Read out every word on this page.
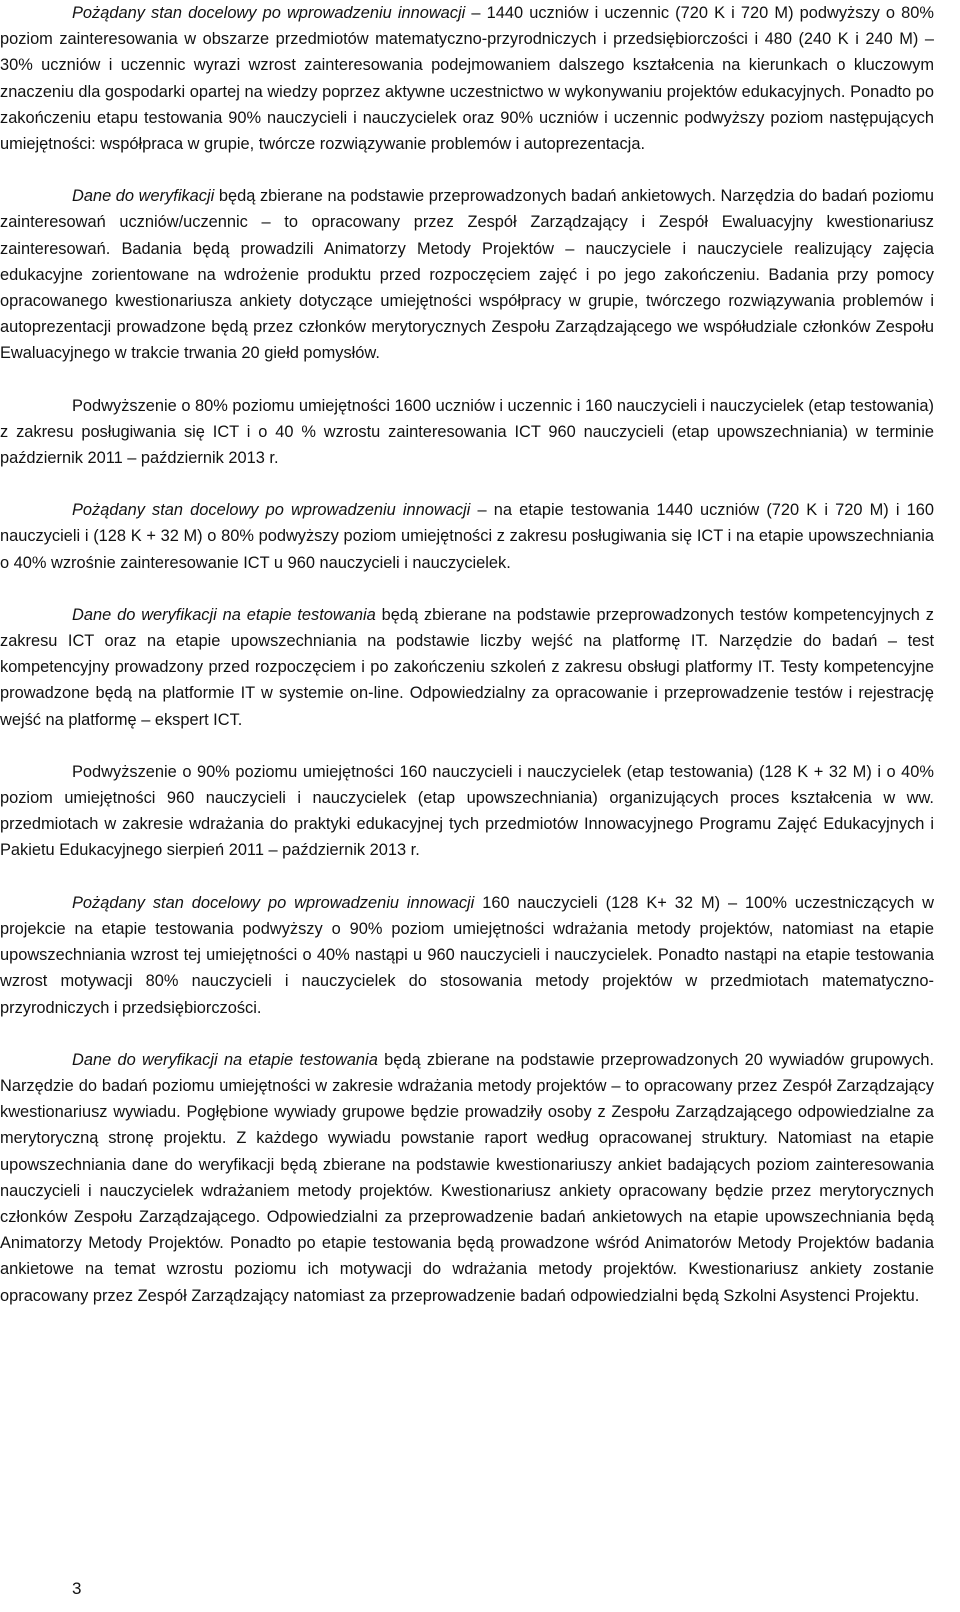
Pożądany stan docelowy po wprowadzeniu innowacji – 1440 uczniów i uczennic (720 K i 720 M) podwyższy o 80% poziom zainteresowania w obszarze przedmiotów matematyczno-przyrodniczych i przedsiębiorczości i 480 (240 K i 240 M) – 30% uczniów i uczennic wyrazi wzrost zainteresowania podejmowaniem dalszego kształcenia na kierunkach o kluczowym znaczeniu dla gospodarki opartej na wiedzy poprzez aktywne uczestnictwo w wykonywaniu projektów edukacyjnych. Ponadto po zakończeniu etapu testowania 90% nauczycieli i nauczycielek oraz 90% uczniów i uczennic podwyższy poziom następujących umiejętności: współpraca w grupie, twórcze rozwiązywanie problemów i autoprezentacja.

Dane do weryfikacji będą zbierane na podstawie przeprowadzonych badań ankietowych. Narzędzia do badań poziomu zainteresowań uczniów/uczennic – to opracowany przez Zespół Zarządzający i Zespół Ewaluacyjny kwestionariusz zainteresowań. Badania będą prowadzili Animatorzy Metody Projektów – nauczyciele i nauczyciele realizujący zajęcia edukacyjne zorientowane na wdrożenie produktu przed rozpoczęciem zajęć i po jego zakończeniu. Badania przy pomocy opracowanego kwestionariusza ankiety dotyczące umiejętności współpracy w grupie, twórczego rozwiązywania problemów i autoprezentacji prowadzone będą przez członków merytorycznych Zespołu Zarządzającego we współudziale członków Zespołu Ewaluacyjnego w trakcie trwania 20 giełd pomysłów.

Podwyższenie o 80% poziomu umiejętności 1600 uczniów i uczennic i 160 nauczycieli i nauczycielek (etap testowania) z zakresu posługiwania się ICT i o 40 % wzrostu zainteresowania ICT 960 nauczycieli (etap upowszechniania) w terminie październik 2011 – październik 2013 r.

Pożądany stan docelowy po wprowadzeniu innowacji – na etapie testowania 1440 uczniów (720 K i 720 M) i 160 nauczycieli i (128 K + 32 M) o 80% podwyższy poziom umiejętności z zakresu posługiwania się ICT i na etapie upowszechniania o 40% wzrośnie zainteresowanie ICT u 960 nauczycieli i nauczycielek.

Dane do weryfikacji na etapie testowania będą zbierane na podstawie przeprowadzonych testów kompetencyjnych z zakresu ICT oraz na etapie upowszechniania na podstawie liczby wejść na platformę IT. Narzędzie do badań – test kompetencyjny prowadzony przed rozpoczęciem i po zakończeniu szkoleń z zakresu obsługi platformy IT. Testy kompetencyjne prowadzone będą na platformie IT w systemie on-line. Odpowiedzialny za opracowanie i przeprowadzenie testów i rejestrację wejść na platformę – ekspert ICT.

Podwyższenie o 90% poziomu umiejętności 160 nauczycieli i nauczycielek (etap testowania) (128 K + 32 M) i o 40% poziom umiejętności 960 nauczycieli i nauczycielek (etap upowszechniania) organizujących proces kształcenia w ww. przedmiotach w zakresie wdrażania do praktyki edukacyjnej tych przedmiotów Innowacyjnego Programu Zajęć Edukacyjnych i Pakietu Edukacyjnego sierpień 2011 – październik 2013 r.

Pożądany stan docelowy po wprowadzeniu innowacji 160 nauczycieli (128 K+ 32 M) – 100% uczestniczących w projekcie na etapie testowania podwyższy o 90% poziom umiejętności wdrażania metody projektów, natomiast na etapie upowszechniania wzrost tej umiejętności o 40% nastąpi u 960 nauczycieli i nauczycielek. Ponadto nastąpi na etapie testowania wzrost motywacji 80% nauczycieli i nauczycielek do stosowania metody projektów w przedmiotach matematyczno-przyrodniczych i przedsiębiorczości.

Dane do weryfikacji na etapie testowania będą zbierane na podstawie przeprowadzonych 20 wywiadów grupowych. Narzędzie do badań poziomu umiejętności w zakresie wdrażania metody projektów – to opracowany przez Zespół Zarządzający kwestionariusz wywiadu. Pogłębione wywiady grupowe będzie prowadziły osoby z Zespołu Zarządzającego odpowiedzialne za merytoryczną stronę projektu. Z każdego wywiadu powstanie raport według opracowanej struktury. Natomiast na etapie upowszechniania dane do weryfikacji będą zbierane na podstawie kwestionariuszy ankiet badających poziom zainteresowania nauczycieli i nauczycielek wdrażaniem metody projektów. Kwestionariusz ankiety opracowany będzie przez merytorycznych członków Zespołu Zarządzającego. Odpowiedzialni za przeprowadzenie badań ankietowych na etapie upowszechniania będą Animatorzy Metody Projektów. Ponadto po etapie testowania będą prowadzone wśród Animatorów Metody Projektów badania ankietowe na temat wzrostu poziomu ich motywacji do wdrażania metody projektów. Kwestionariusz ankiety zostanie opracowany przez Zespół Zarządzający natomiast za przeprowadzenie badań odpowiedzialni będą Szkolni Asystenci Projektu.

3
